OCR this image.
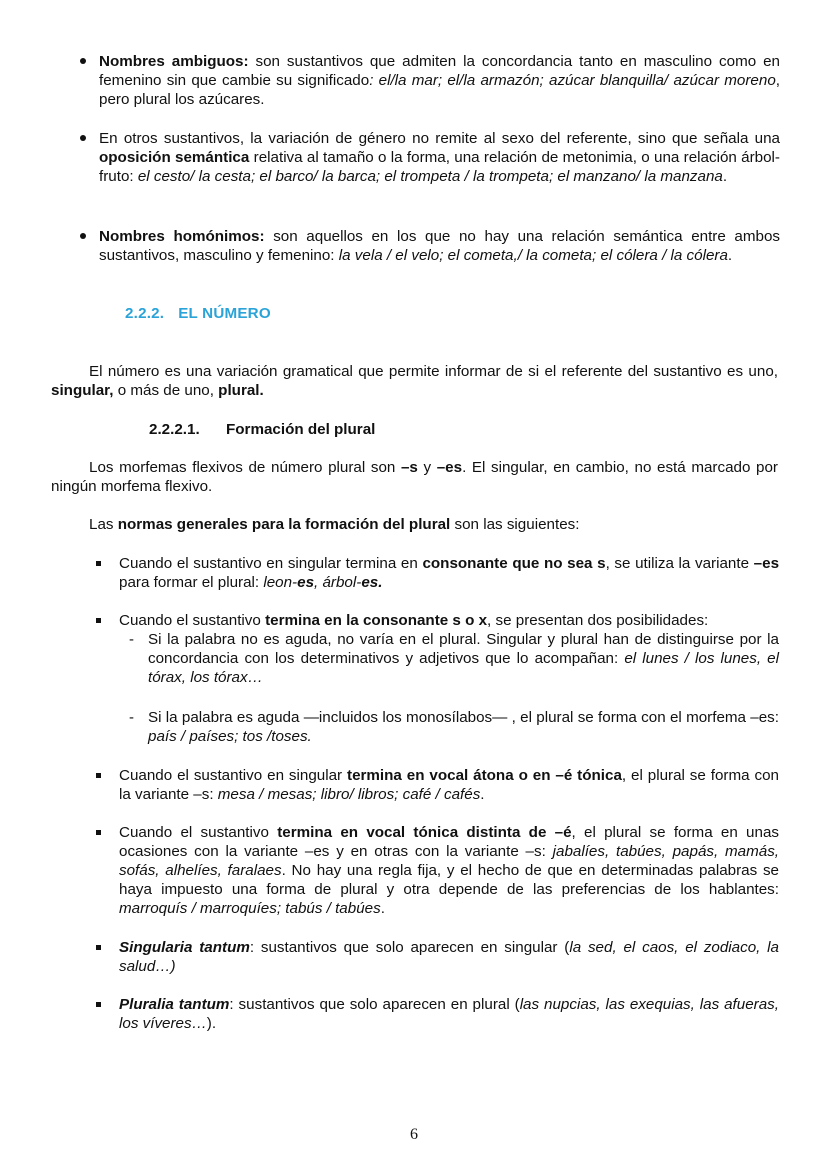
Nombres ambiguos: son sustantivos que admiten la concordancia tanto en masculino como en femenino sin que cambie su significado: el/la mar; el/la armazón; azúcar blanquilla/ azúcar moreno, pero plural los azúcares.

En otros sustantivos, la variación de género no remite al sexo del referente, sino que señala una oposición semántica relativa al tamaño o la forma, una relación de metonimia, o una relación árbol-fruto: el cesto/ la cesta; el barco/ la barca; el trompeta / la trompeta; el manzano/ la manzana.

Nombres homónimos: son aquellos en los que no hay una relación semántica entre ambos sustantivos, masculino y femenino: la vela / el velo; el cometa,/ la cometa; el cólera / la cólera.

2.2.2. EL NÚMERO

El número es una variación gramatical que permite informar de si el referente del sustantivo es uno, singular, o más de uno, plural.

2.2.2.1. Formación del plural

Los morfemas flexivos de número plural son –s y –es. El singular, en cambio, no está marcado por ningún morfema flexivo.

Las normas generales para la formación del plural son las siguientes:

Cuando el sustantivo en singular termina en consonante que no sea s, se utiliza la variante –es para formar el plural: leon-es, árbol-es.

Cuando el sustantivo termina en la consonante s o x, se presentan dos posibilidades:

- Si la palabra no es aguda, no varía en el plural. Singular y plural han de distinguirse por la concordancia con los determinativos y adjetivos que lo acompañan: el lunes / los lunes, el tórax, los tórax…

- Si la palabra es aguda —incluidos los monosílabos— , el plural se forma con el morfema –es: país / países; tos /toses.

Cuando el sustantivo en singular termina en vocal átona o en –é tónica, el plural se forma con la variante –s: mesa / mesas; libro/ libros; café / cafés.

Cuando el sustantivo termina en vocal tónica distinta de –é, el plural se forma en unas ocasiones con la variante –es y en otras con la variante –s: jabalíes, tabúes, papás, mamás, sofás, alhelíes, faralaes. No hay una regla fija, y el hecho de que en determinadas palabras se haya impuesto una forma de plural y otra depende de las preferencias de los hablantes: marroquís / marroquíes; tabús / tabúes.

Singularia tantum: sustantivos que solo aparecen en singular (la sed, el caos, el zodiaco, la salud…)

Pluralia tantum: sustantivos que solo aparecen en plural (las nupcias, las exequias, las afueras, los víveres…).

6
